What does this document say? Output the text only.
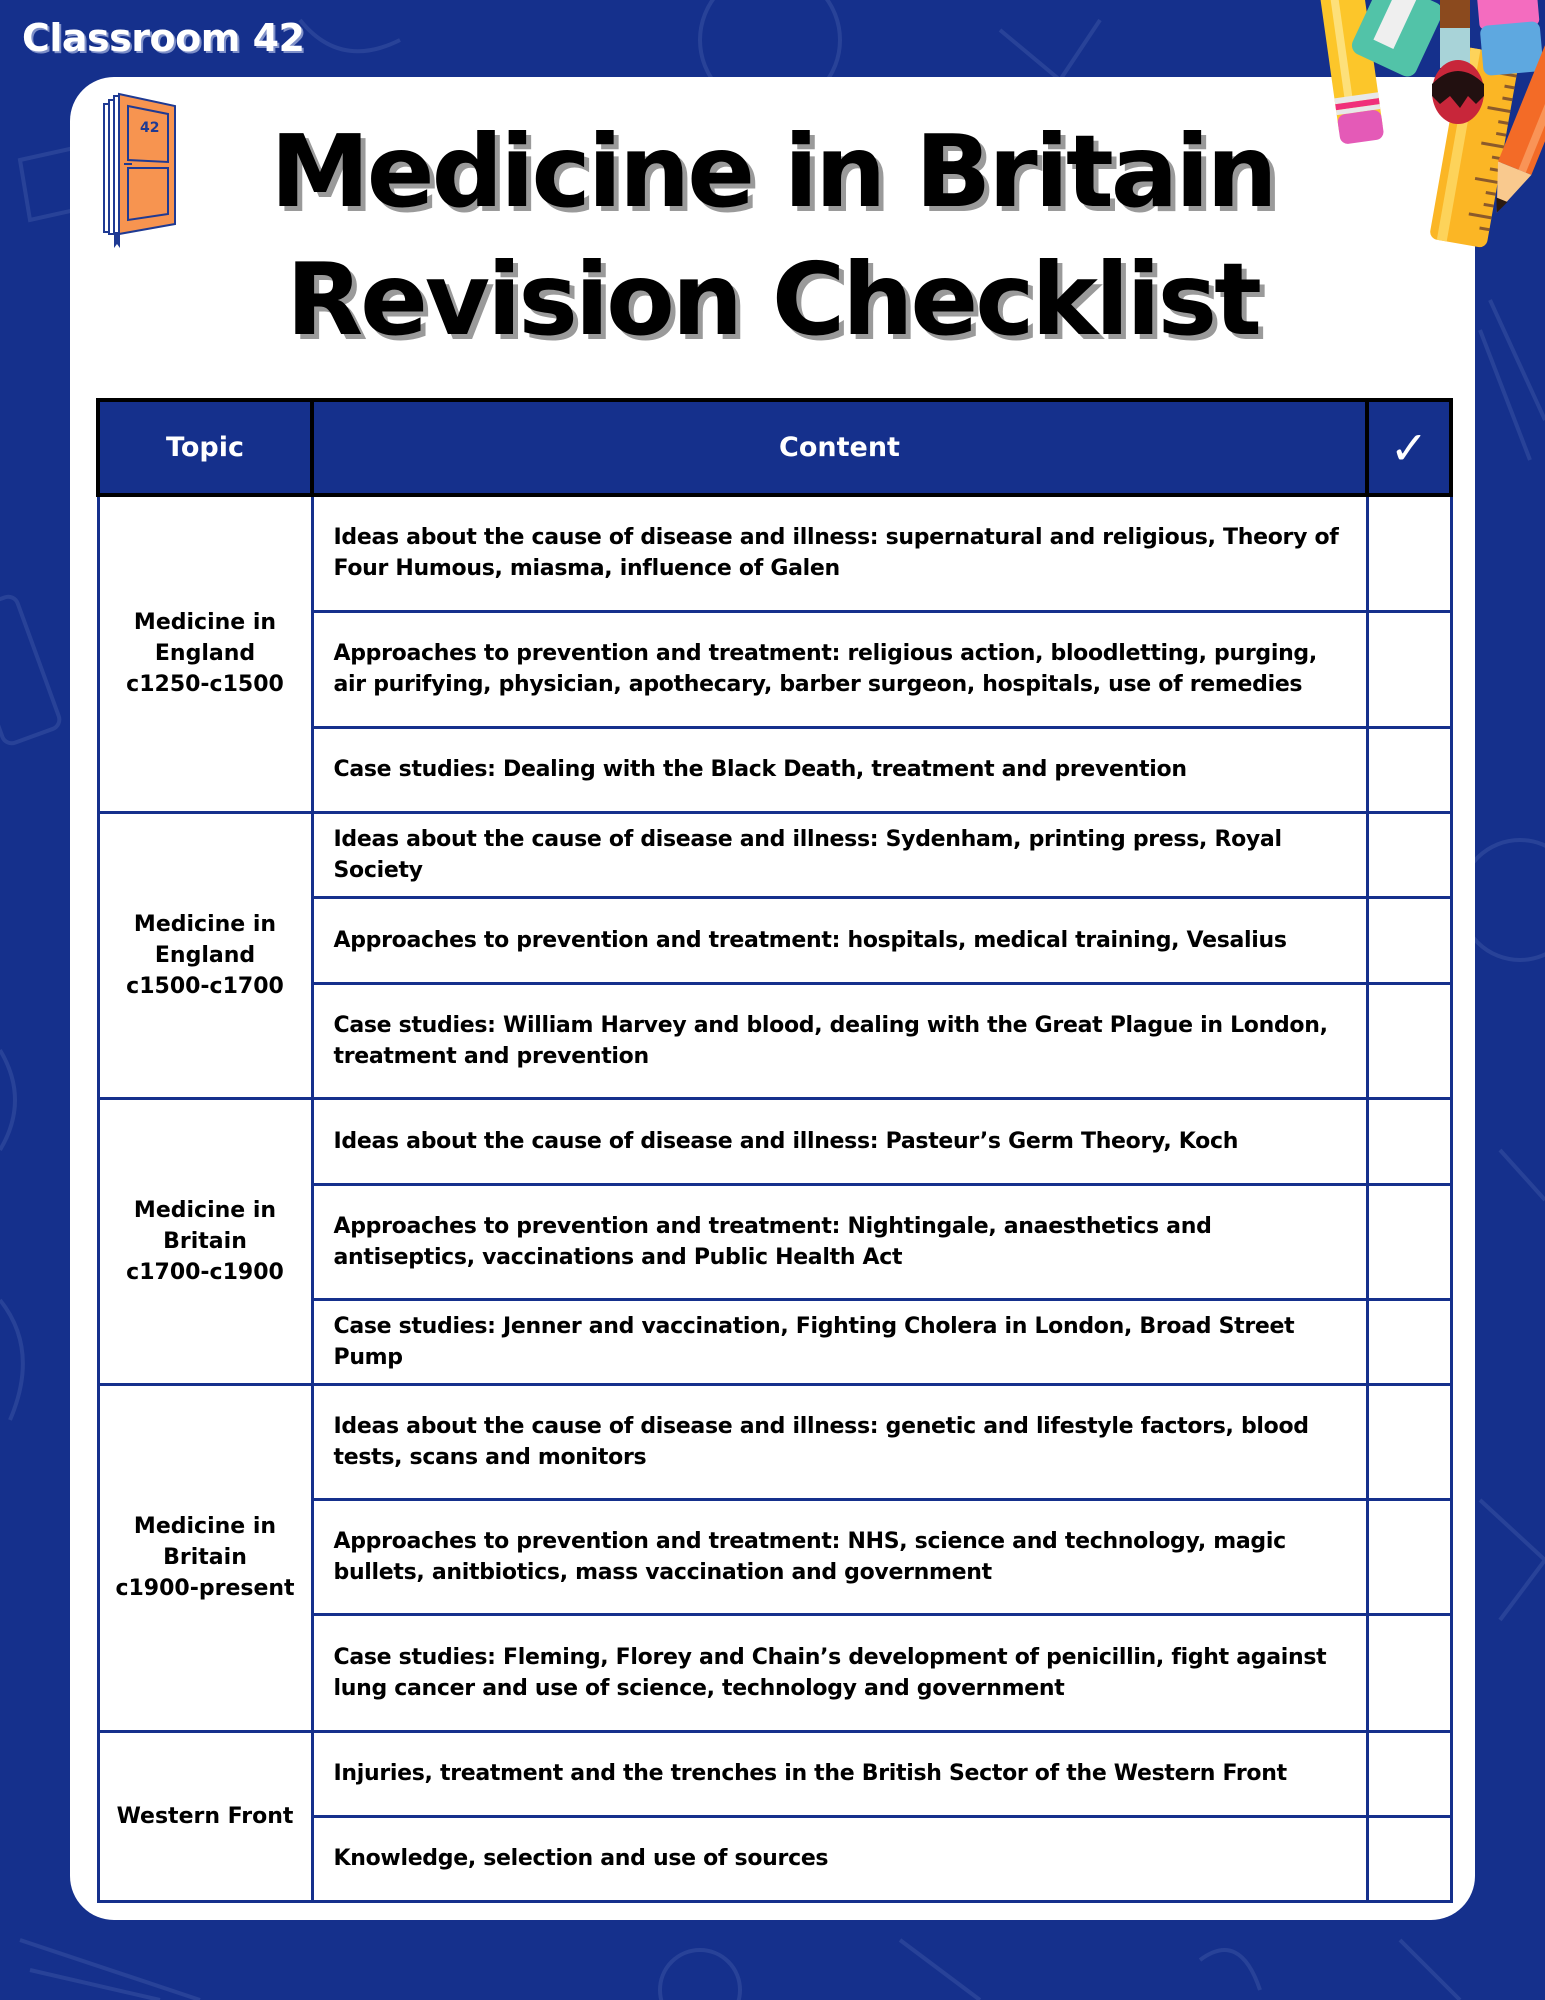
Classroom 42
42	Medicine in Britain
Revision Checklist
Topic	Content	✓
Medicine in
England
c1250-c1500	Ideas about the cause of disease and illness: supernatural and religious, Theory of Four Humous, miasma, influence of Galen	
	Approaches to prevention and treatment: religious action, bloodletting, purging, air purifying, physician, apothecary, barber surgeon, hospitals, use of remedies	
	Case studies: Dealing with the Black Death, treatment and prevention	
Medicine in
England
c1500-c1700	Ideas about the cause of disease and illness: Sydenham, printing press, Royal Society	
	Approaches to prevention and treatment: hospitals, medical training, Vesalius	
	Case studies: William Harvey and blood, dealing with the Great Plague in London, treatment and prevention	
Medicine in
Britain
c1700-c1900	Ideas about the cause of disease and illness: Pasteur’s Germ Theory, Koch	
	Approaches to prevention and treatment: Nightingale, anaesthetics and antiseptics, vaccinations and Public Health Act	
	Case studies: Jenner and vaccination, Fighting Cholera in London, Broad Street Pump	
Medicine in
Britain
c1900-present	Ideas about the cause of disease and illness: genetic and lifestyle factors, blood tests, scans and monitors	
	Approaches to prevention and treatment: NHS, science and technology, magic bullets, anitbiotics, mass vaccination and government	
	Case studies: Fleming, Florey and Chain’s development of penicillin, fight against lung cancer and use of science, technology and government	
Western Front	Injuries, treatment and the trenches in the British Sector of the Western Front	
	Knowledge, selection and use of sources	
